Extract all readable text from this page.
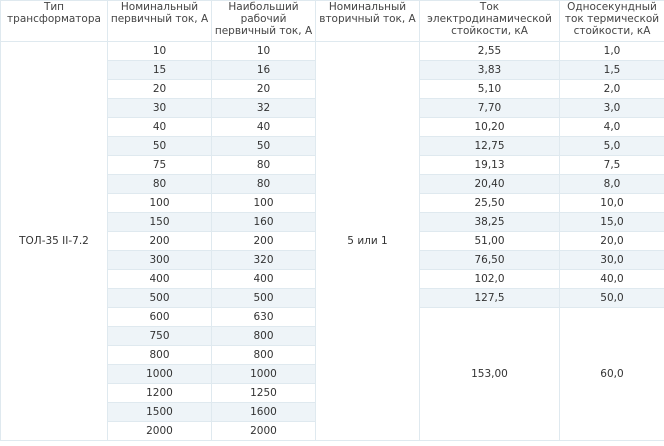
Тип трансформатора	Номинальный первичный ток, А	Наибольший рабочий первичный ток, А	Номинальный вторичный ток, А	Ток электродинамической стойкости, кА	Односекундный ток термической стойкости, кА
ТОЛ-35 II-7.2	10	10	5 или 1	2,55	1,0
	15	16		3,83	1,5
	20	20		5,10	2,0
	30	32		7,70	3,0
	40	40		10,20	4,0
	50	50		12,75	5,0
	75	80		19,13	7,5
	80	80		20,40	8,0
	100	100		25,50	10,0
	150	160		38,25	15,0
	200	200		51,00	20,0
	300	320		76,50	30,0
	400	400		102,0	40,0
	500	500		127,5	50,0
	600	630		153,00	60,0
	750	800			
	800	800			
	1000	1000			
	1200	1250			
	1500	1600			
	2000	2000			
